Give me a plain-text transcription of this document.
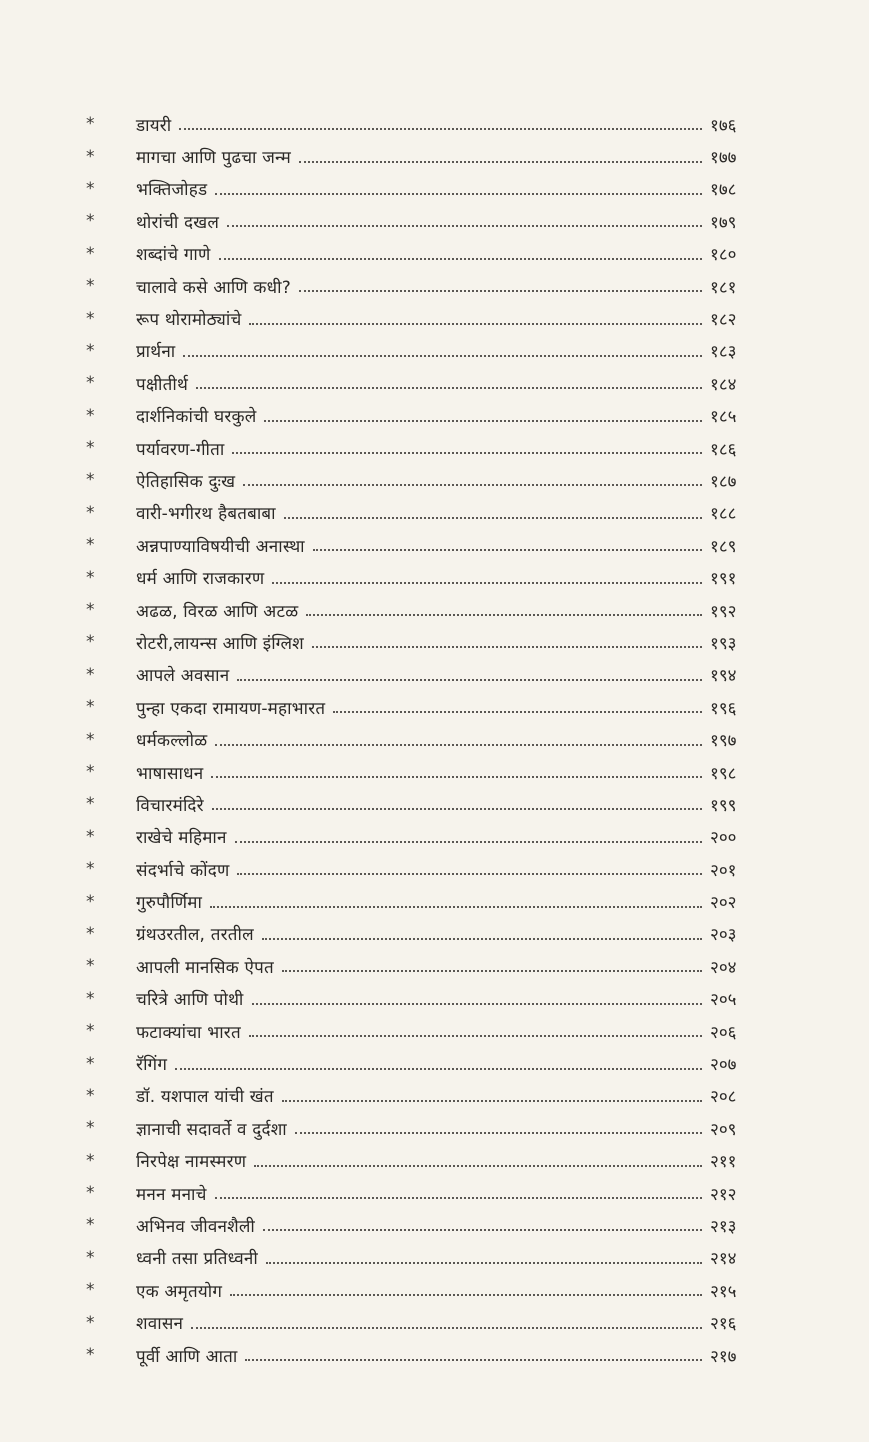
*	डायरी	१७६
*	मागचा आणि पुढचा जन्म	१७७
*	भक्तिजोहड	१७८
*	थोरांची दखल	१७९
*	शब्दांचे गाणे	१८०
*	चालावे कसे आणि कधी?	१८१
*	रूप थोरामोठ्यांचे	१८२
*	प्रार्थना	१८३
*	पक्षीतीर्थ	१८४
*	दार्शनिकांची घरकुले	१८५
*	पर्यावरण-गीता	१८६
*	ऐतिहासिक दुःख	१८७
*	वारी-भगीरथ हैबतबाबा	१८८
*	अन्नपाण्याविषयीची अनास्था	१८९
*	धर्म आणि राजकारण	१९१
*	अढळ, विरळ आणि अटळ	१९२
*	रोटरी,लायन्स आणि इंग्लिश	१९३
*	आपले अवसान	१९४
*	पुन्हा एकदा रामायण-महाभारत	१९६
*	धर्मकल्लोळ	१९७
*	भाषासाधन	१९८
*	विचारमंदिरे	१९९
*	राखेचे महिमान	२००
*	संदर्भाचे कोंदण	२०१
*	गुरुपौर्णिमा	२०२
*	ग्रंथउरतील, तरतील	२०३
*	आपली मानसिक ऐपत	२०४
*	चरित्रे आणि पोथी	२०५
*	फटाक्यांचा भारत	२०६
*	रॅगिंग	२०७
*	डॉ. यशपाल यांची खंत	२०८
*	ज्ञानाची सदावर्ते व दुर्दशा	२०९
*	निरपेक्ष नामस्मरण	२११
*	मनन मनाचे	२१२
*	अभिनव जीवनशैली	२१३
*	ध्वनी तसा प्रतिध्वनी	२१४
*	एक अमृतयोग	२१५
*	शवासन	२१६
*	पूर्वी आणि आता	२१७
